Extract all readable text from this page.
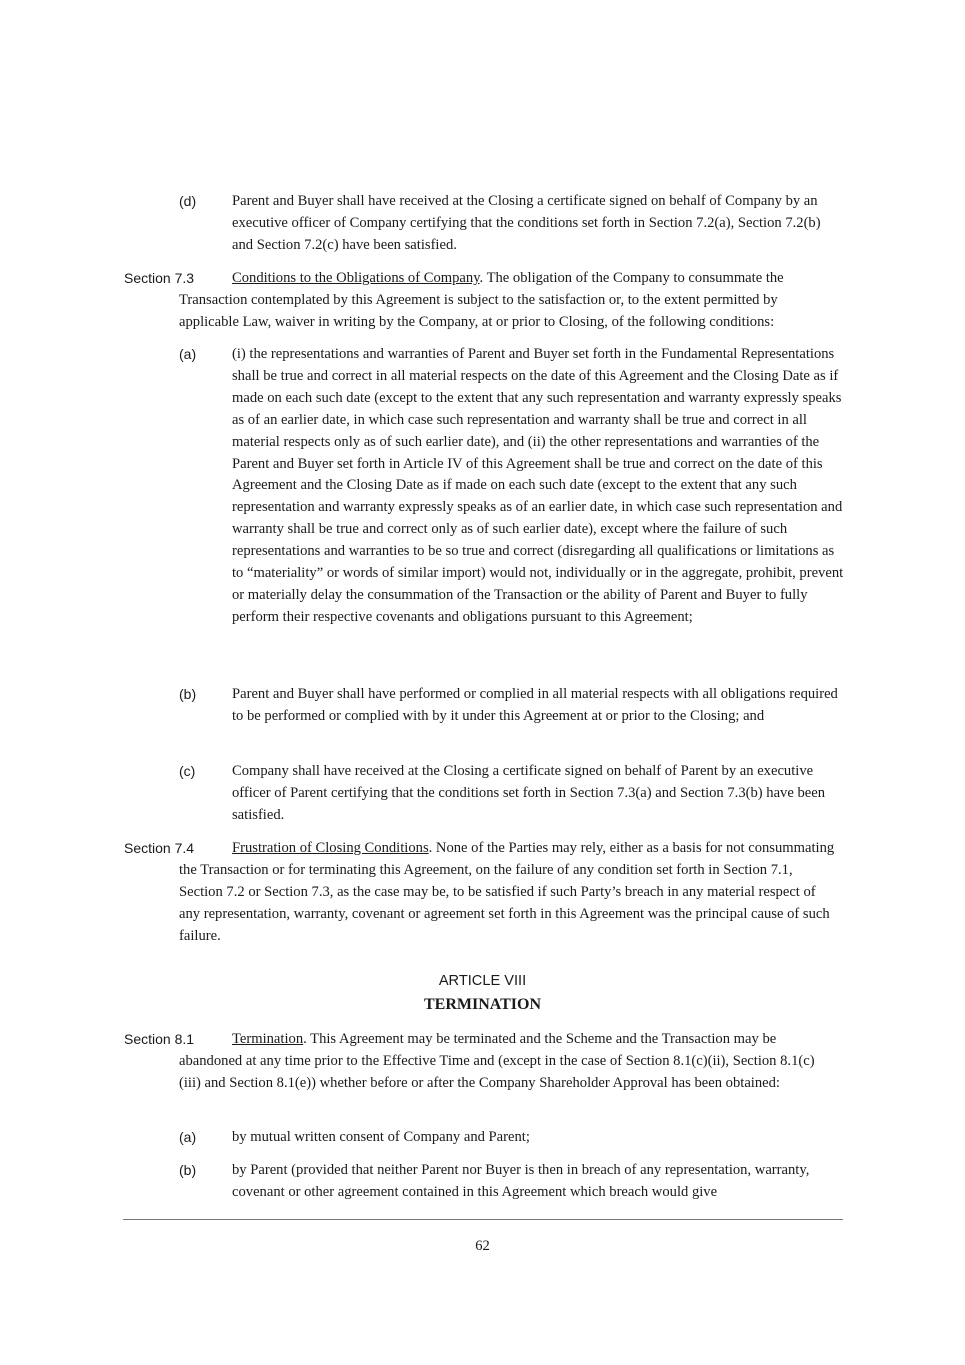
(d) Parent and Buyer shall have received at the Closing a certificate signed on behalf of Company by an executive officer of Company certifying that the conditions set forth in Section 7.2(a), Section 7.2(b) and Section 7.2(c) have been satisfied.
Section 7.3	Conditions to the Obligations of Company. The obligation of the Company to consummate the Transaction contemplated by this Agreement is subject to the satisfaction or, to the extent permitted by applicable Law, waiver in writing by the Company, at or prior to Closing, of the following conditions:
(a) (i) the representations and warranties of Parent and Buyer set forth in the Fundamental Representations shall be true and correct in all material respects on the date of this Agreement and the Closing Date as if made on each such date (except to the extent that any such representation and warranty expressly speaks as of an earlier date, in which case such representation and warranty shall be true and correct in all material respects only as of such earlier date), and (ii) the other representations and warranties of the Parent and Buyer set forth in Article IV of this Agreement shall be true and correct on the date of this Agreement and the Closing Date as if made on each such date (except to the extent that any such representation and warranty expressly speaks as of an earlier date, in which case such representation and warranty shall be true and correct only as of such earlier date), except where the failure of such representations and warranties to be so true and correct (disregarding all qualifications or limitations as to “materiality” or words of similar import) would not, individually or in the aggregate, prohibit, prevent or materially delay the consummation of the Transaction or the ability of Parent and Buyer to fully perform their respective covenants and obligations pursuant to this Agreement;
(b) Parent and Buyer shall have performed or complied in all material respects with all obligations required to be performed or complied with by it under this Agreement at or prior to the Closing; and
(c)	Company shall have received at the Closing a certificate signed on behalf of Parent by an executive officer of Parent certifying that the conditions set forth in Section 7.3(a) and Section 7.3(b) have been satisfied.
Section 7.4	Frustration of Closing Conditions. None of the Parties may rely, either as a basis for not consummating the Transaction or for terminating this Agreement, on the failure of any condition set forth in Section 7.1, Section 7.2 or Section 7.3, as the case may be, to be satisfied if such Party’s breach in any material respect of any representation, warranty, covenant or agreement set forth in this Agreement was the principal cause of such failure.
ARTICLE VIII
TERMINATION
Section 8.1	Termination. This Agreement may be terminated and the Scheme and the Transaction may be abandoned at any time prior to the Effective Time and (except in the case of Section 8.1(c)(ii), Section 8.1(c)(iii) and Section 8.1(e)) whether before or after the Company Shareholder Approval has been obtained:
(a) by mutual written consent of Company and Parent;
(b) by Parent (provided that neither Parent nor Buyer is then in breach of any representation, warranty, covenant or other agreement contained in this Agreement which breach would give
62
